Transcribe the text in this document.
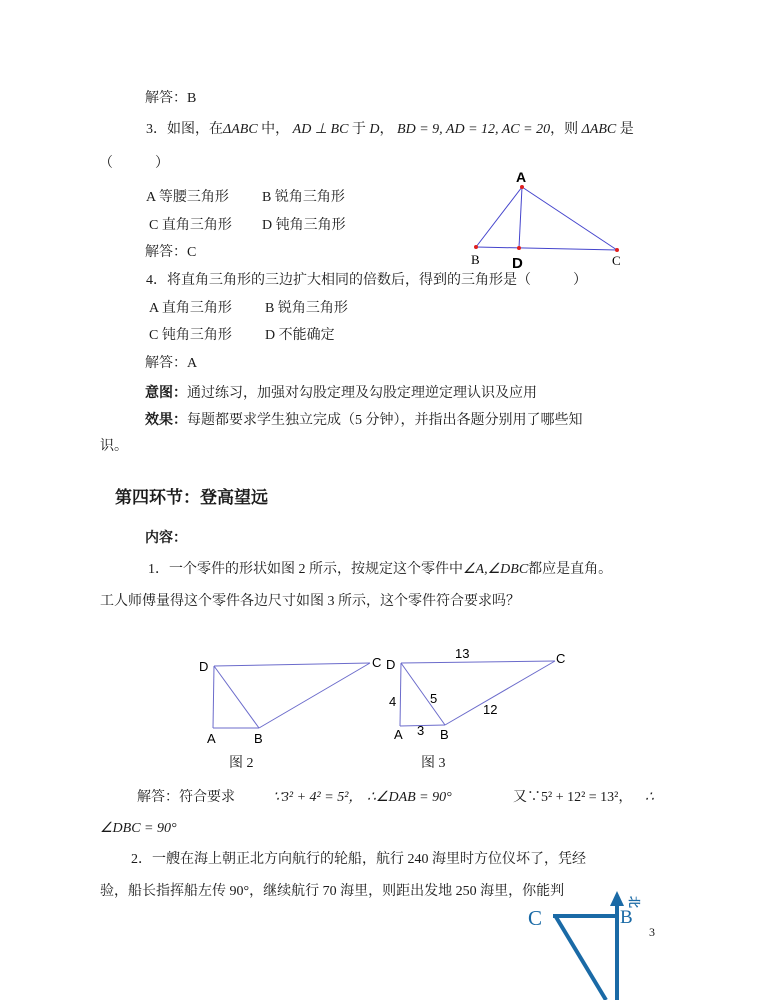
解答：B
3．如图，在ΔABC 中， AD ⊥ BC 于 D， BD = 9, AD = 12, AC = 20，则 ΔABC 是
（　　　）
A 等腰三角形 B 锐角三角形
C 直角三角形 D 钝角三角形
解答：C
A
B D	C
4．将直角三角形的三边扩大相同的倍数后，得到的三角形是（　　　）
A 直角三角形 B 锐角三角形
C 钝角三角形 D 不能确定
解答：A
意图：通过练习，加强对勾股定理及勾股定理逆定理认识及应用
效果：每题都要求学生独立完成（5 分钟），并指出各题分别用了哪些知
识。
第四环节：登高望远
内容：
1．一个零件的形状如图 2 所示，按规定这个零件中∠A,∠DBC都应是直角。
工人师傅量得这个零件各边尺寸如图 3 所示，这个零件符合要求吗？
D
A	B
C D
A	B
C
13
4	5
12
3
图 2	图 3
解答：符合要求	∵3² + 4² = 5²， ∴∠DAB = 90°	又∵5² + 12² = 13²， ∴
∠DBC = 90°
2．一艘在海上朝正北方向航行的轮船，航行 240 海里时方位仪坏了，凭经
验，船长指挥船左传 90°，继续航行 70 海里，则距出发地 250 海里，你能判
C	B
北
3
